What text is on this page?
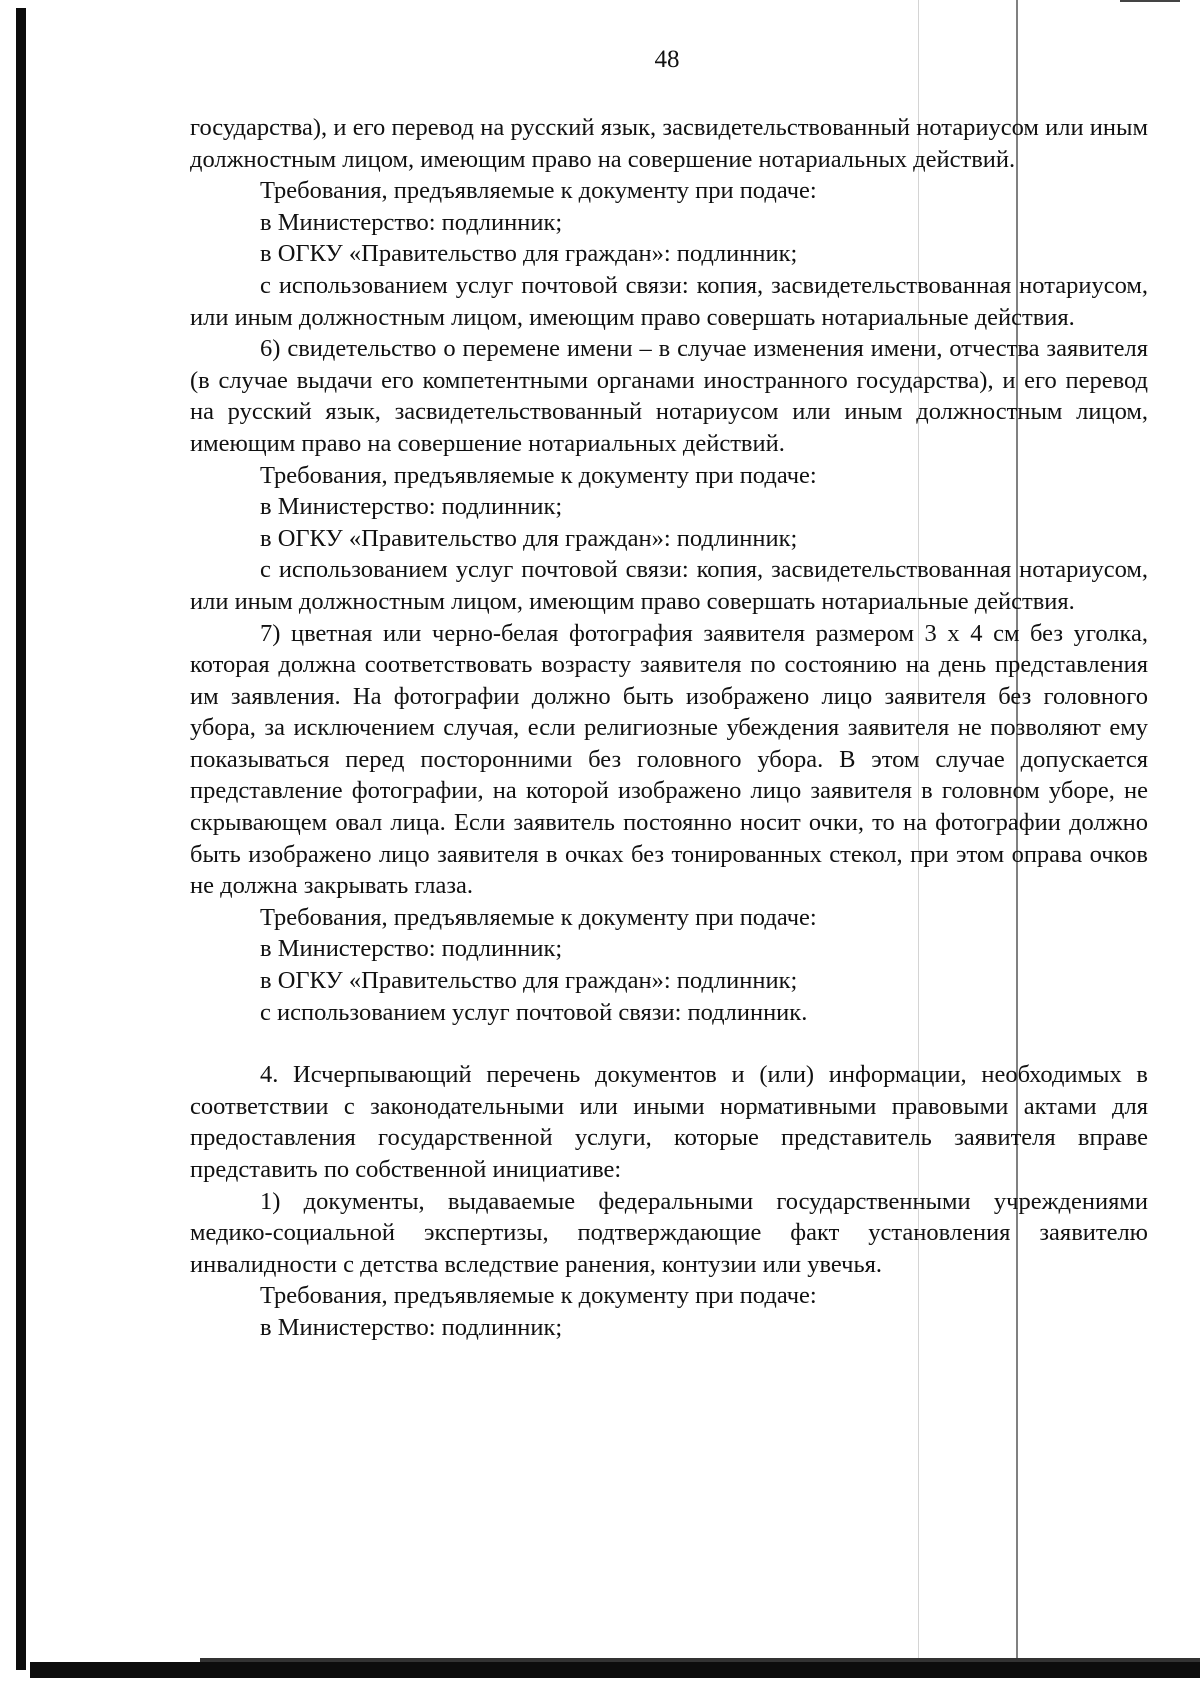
48

государства), и его перевод на русский язык, засвидетельствованный нотариусом или иным должностным лицом, имеющим право на совершение нотариальных действий.

Требования, предъявляемые к документу при подаче:

в Министерство: подлинник;

в ОГКУ «Правительство для граждан»: подлинник;

с использованием услуг почтовой связи: копия, засвидетельствованная нотариусом, или иным должностным лицом, имеющим право совершать нотариальные действия.

6) свидетельство о перемене имени – в случае изменения имени, отчества заявителя (в случае выдачи его компетентными органами иностранного государства), и его перевод на русский язык, засвидетельствованный нотариусом или иным должностным лицом, имеющим право на совершение нотариальных действий.

Требования, предъявляемые к документу при подаче:

в Министерство: подлинник;

в ОГКУ «Правительство для граждан»: подлинник;

с использованием услуг почтовой связи: копия, засвидетельствованная нотариусом, или иным должностным лицом, имеющим право совершать нотариальные действия.

7) цветная или черно-белая фотография заявителя размером 3 х 4 см без уголка, которая должна соответствовать возрасту заявителя по состоянию на день представления им заявления. На фотографии должно быть изображено лицо заявителя без головного убора, за исключением случая, если религиозные убеждения заявителя не позволяют ему показываться перед посторонними без головного убора. В этом случае допускается представление фотографии, на которой изображено лицо заявителя в головном уборе, не скрывающем овал лица. Если заявитель постоянно носит очки, то на фотографии должно быть изображено лицо заявителя в очках без тонированных стекол, при этом оправа очков не должна закрывать глаза.

Требования, предъявляемые к документу при подаче:

в Министерство: подлинник;

в ОГКУ «Правительство для граждан»: подлинник;

с использованием услуг почтовой связи: подлинник.

4. Исчерпывающий перечень документов и (или) информации, необходимых в соответствии с законодательными или иными нормативными правовыми актами для предоставления государственной услуги, которые представитель заявителя вправе представить по собственной инициативе:

1) документы, выдаваемые федеральными государственными учреждениями медико-социальной экспертизы, подтверждающие факт установления заявителю инвалидности с детства вследствие ранения, контузии или увечья.

Требования, предъявляемые к документу при подаче:

в Министерство: подлинник;
